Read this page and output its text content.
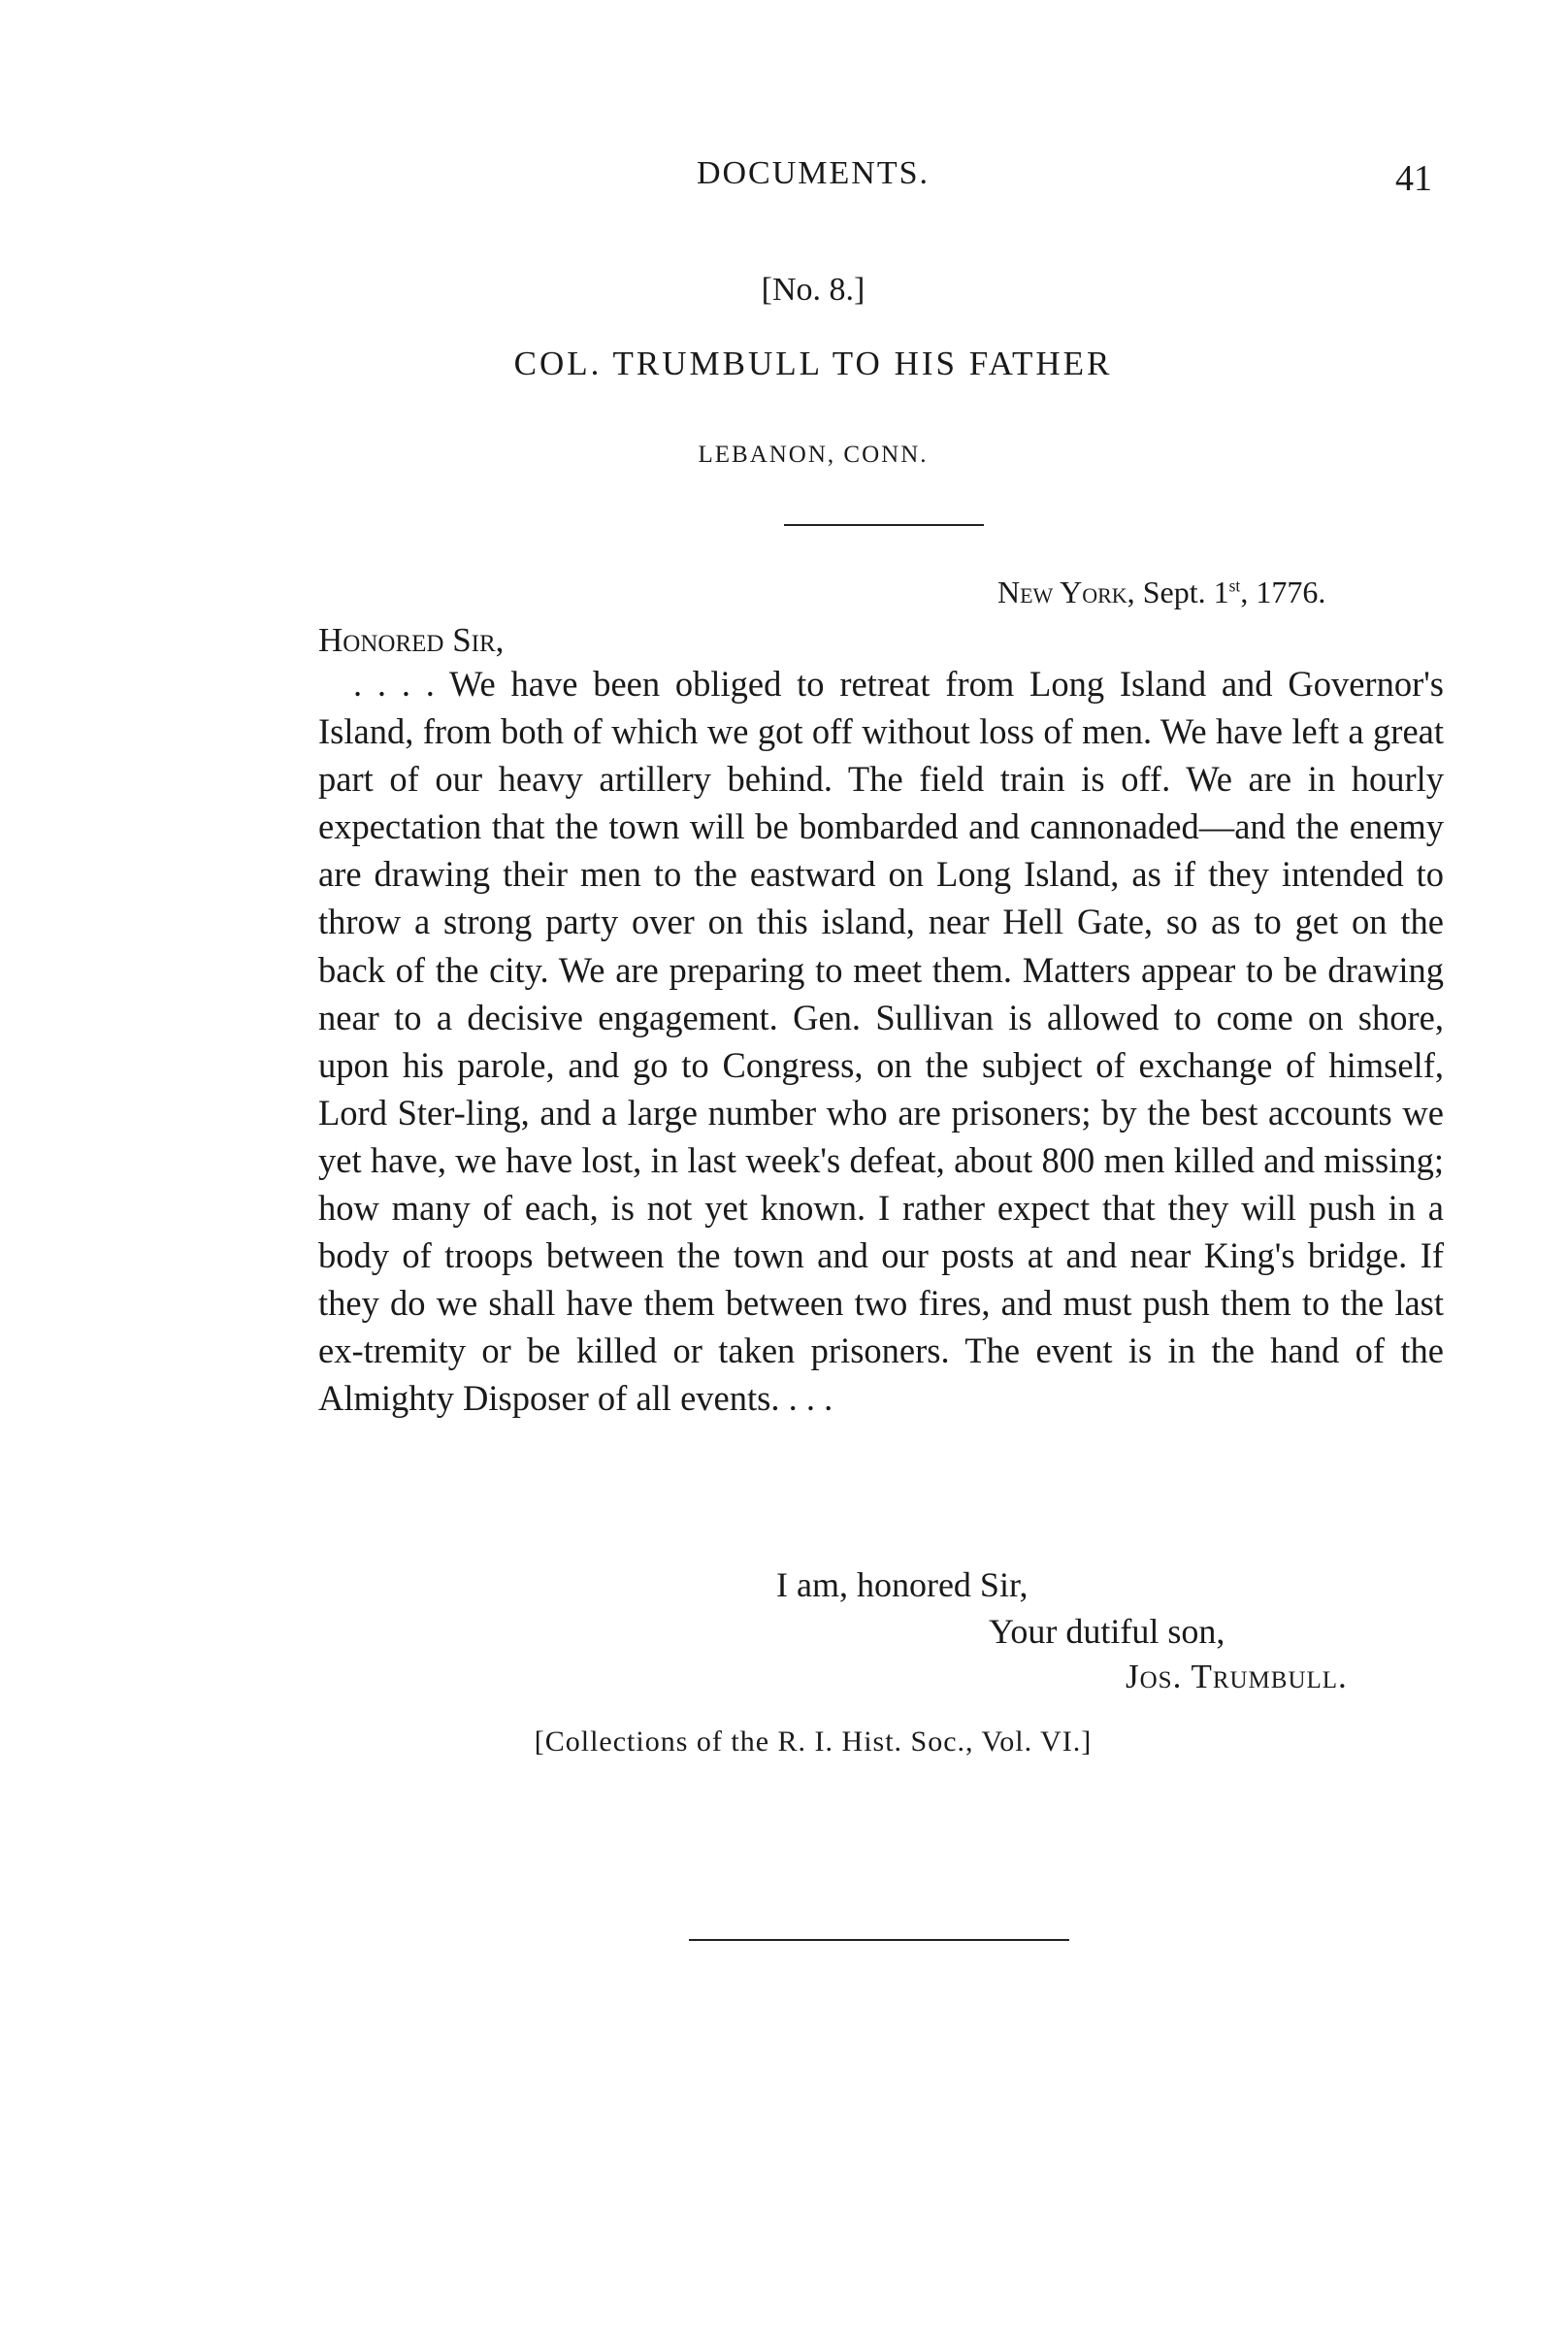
DOCUMENTS.	41
[No. 8.]
COL. TRUMBULL TO HIS FATHER
LEBANON, CONN.
New York, Sept. 1st, 1776.
Honored Sir,

. . . . We have been obliged to retreat from Long Island and Governor's Island, from both of which we got off without loss of men. We have left a great part of our heavy artillery behind. The field train is off. We are in hourly expectation that the town will be bombarded and cannonaded—and the enemy are drawing their men to the eastward on Long Island, as if they intended to throw a strong party over on this island, near Hell Gate, so as to get on the back of the city. We are preparing to meet them. Matters appear to be drawing near to a decisive engagement. Gen. Sullivan is allowed to come on shore, upon his parole, and go to Congress, on the subject of exchange of himself, Lord Ster-ling, and a large number who are prisoners; by the best accounts we yet have, we have lost, in last week's defeat, about 800 men killed and missing; how many of each, is not yet known. I rather expect that they will push in a body of troops between the town and our posts at and near King's bridge. If they do we shall have them between two fires, and must push them to the last ex-tremity or be killed or taken prisoners. The event is in the hand of the Almighty Disposer of all events. . . .

I am, honored Sir,
Your dutiful son,
Jos. Trumbull.
[Collections of the R. I. Hist. Soc., Vol. VI.]
